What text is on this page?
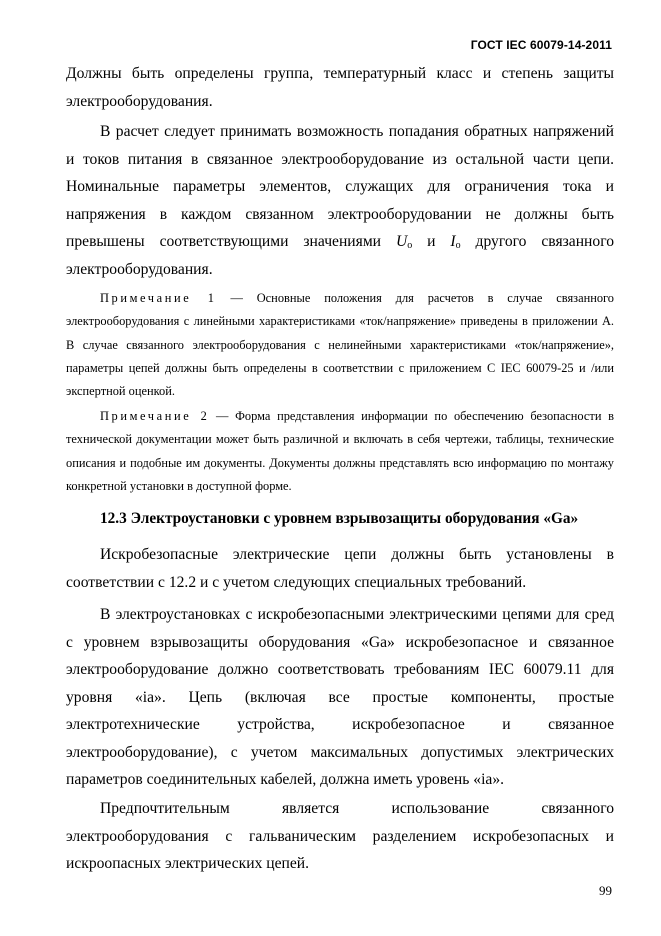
ГОСТ IEC 60079-14-2011

Должны быть определены группа, температурный класс и степень защиты электрооборудования.

В расчет следует принимать возможность попадания обратных напряжений и токов питания в связанное электрооборудование из остальной части цепи. Номинальные параметры элементов, служащих для ограничения тока и напряжения в каждом связанном электрооборудовании не должны быть превышены соответствующими значениями $U_o$ и $I_o$ другого связанного электрооборудования.

Примечание 1 — Основные положения для расчетов в случае связанного электрооборудования с линейными характеристиками «ток/напряжение» приведены в приложении А. В случае связанного электрооборудования с нелинейными характеристиками «ток/напряжение», параметры цепей должны быть определены в соответствии с приложением С IEC 60079-25 и /или экспертной оценкой.
Примечание 2 — Форма представления информации по обеспечению безопасности в технической документации может быть различной и включать в себя чертежи, таблицы, технические описания и подобные им документы. Документы должны представлять всю информацию по монтажу конкретной установки в доступной форме.
12.3 Электроустановки с уровнем взрывозащиты оборудования «Ga»

Искробезопасные электрические цепи должны быть установлены в соответствии с 12.2 и с учетом следующих специальных требований.

В электроустановках с искробезопасными электрическими цепями для сред с уровнем взрывозащиты оборудования «Ga» искробезопасное и связанное электрооборудование должно соответствовать требованиям IEC 60079.11 для уровня «ia». Цепь (включая все простые компоненты, простые электротехнические устройства, искробезопасное и связанное электрооборудование), с учетом максимальных допустимых электрических параметров соединительных кабелей, должна иметь уровень «ia».

Предпочтительным является использование связанного электрооборудования с гальваническим разделением искробезопасных и искроопасных электрических цепей.

99
